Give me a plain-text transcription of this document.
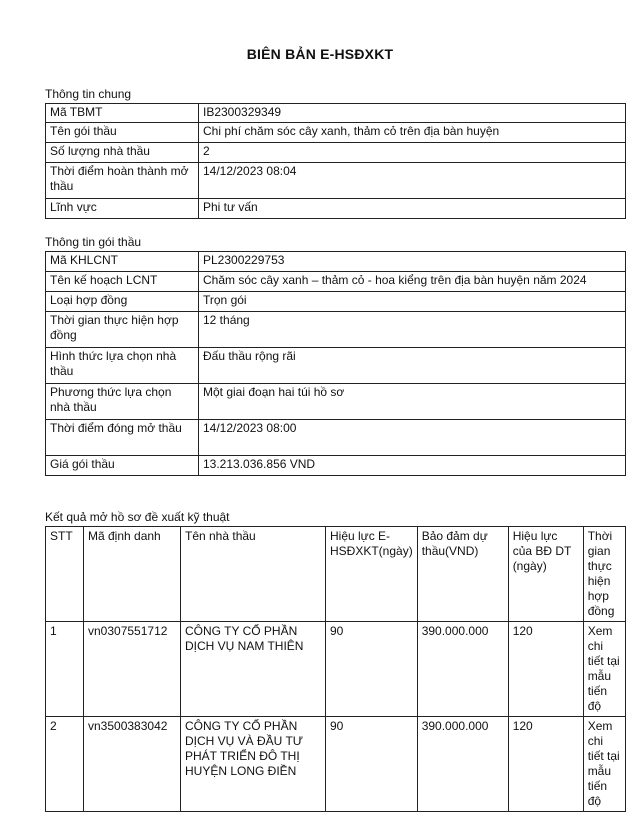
BIÊN BẢN E-HSĐXKT
Thông tin chung
Mã TBMT	IB2300329349
Tên gói thầu	Chi phí chăm sóc cây xanh, thảm cỏ trên địa bàn huyện
Số lượng nhà thầu	2
Thời điểm hoàn thành mở thầu	14/12/2023 08:04
Lĩnh vực	Phi tư vấn
Thông tin gói thầu
Mã KHLCNT	PL2300229753
Tên kế hoạch LCNT	Chăm sóc cây xanh – thảm cỏ - hoa kiểng trên địa bàn huyện năm 2024
Loại hợp đồng	Trọn gói
Thời gian thực hiện hợp đồng	12 tháng
Hình thức lựa chọn nhà thầu	Đấu thầu rộng rãi
Phương thức lựa chọn nhà thầu	Một giai đoạn hai túi hồ sơ
Thời điểm đóng mở thầu	14/12/2023 08:00
Giá gói thầu	13.213.036.856 VND
Kết quả mở hồ sơ đề xuất kỹ thuật
STT	Mã định danh	Tên nhà thầu	Hiệu lực E-HSĐXKT(ngày)	Bảo đảm dự thầu(VND)	Hiệu lực của BĐ DT (ngày)	Thời gian thực hiện hợp đồng
1	vn0307551712	CÔNG TY CỔ PHẦN DỊCH VỤ NAM THIÊN	90	390.000.000	120	Xem chi tiết tại mẫu tiến độ
2	vn3500383042	CÔNG TY CỔ PHẦN DỊCH VỤ VÀ ĐẦU TƯ PHÁT TRIỂN ĐÔ THỊ HUYỆN LONG ĐIỀN	90	390.000.000	120	Xem chi tiết tại mẫu tiến độ
